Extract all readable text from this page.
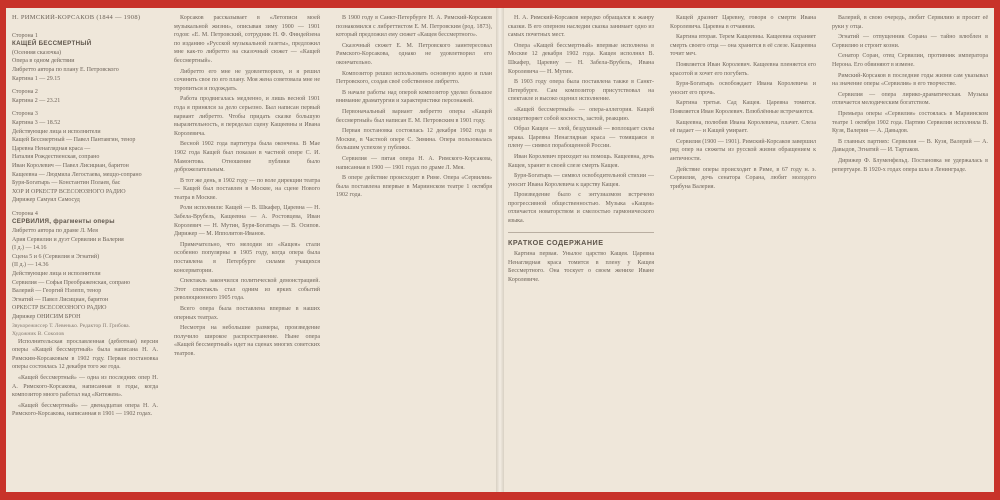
Н. РИМСКИЙ-КОРСАКОВ (1844 — 1908)
Сторона 1
КАЩЕЙ БЕССМЕРТНЫЙ
(Осенняя сказочка)
Опера в одном действии
Либретто автора по плану Е. Петровского
Картина 1 — 29.15
Сторона 2
Картина 2 — 23.21
Сторона 3
Картина 3 — 18.52
Действующие лица и исполнители
Кащей Бессмертный — Павел Пантавгин, тенор
Царевна Ненаглядная краса —
Наталия Рождественская, сопрано
Иван Королевич — Павел Лисициан, баритон
Кащеевна — Людмила Легостаева, меццо-сопрано
Буря-Богатырь — Константин Полаев, бас
ХОР И ОРКЕСТР ВСЕСОЮЗНОГО РАДИО
Дирижер Самуил Самосуд
Сторона 4
СЕРВИЛИЯ, фрагменты оперы
Либретто автора по драме Л. Мея
Ария Сервилии и дуэт Сервилии и Валерия
(I д.) — 14.16
Сцена 5 и 6 (Сервилия и Эгнатий)
(II д.) — 14.36
Действующие лица и исполнители
Сервилия — Софья Преображенская, сопрано
Валерий — Георгий Нэлепп, тенор
Эгнатий — Павел Лисициан, баритон
ОРКЕСТР ВСЕСОЮЗНОГО РАДИО
Дирижер ОНИСИМ БРОН
Звукорежиссер Т. Левенько. Редактор П. Грибова.
Художник В. Соколов

Исполнительская прославленная (дебютная) версия оперы «Кащей бессмертный» была написана Н. А. Римским-Корсаковым в 1902 году. Первая постановка оперы состоялась 12 декабря того же года.

«Кащей бессмертный» — одна из последних опер Н. А. Римского-Корсакова, написанная в годы, когда композитор много работал над «Китежем».

«Кащей бессмертный» — двенадцатая опера Н. А. Римского-Корсакова, написанная в 1901 — 1902 годах.

Корсаков рассказывает в «Летописи моей музыкальной жизни», описывая зиму 1900 — 1901 годов: «Е. М. Петровский, сотрудник Н. Ф. Финдейзена по изданию «Русской музыкальной газеты», предложил мне как-то либретто на сказочный сюжет — «Кащей бессмертный».

Либретто его мне не удовлетворило, и я решил сочинить свое по его плану. Моя жена советовала мне не торопиться и подождать.

Работа продвигалась медленно, и лишь весной 1901 года я принялся за дело серьезно. Был написан первый вариант либретто. Чтобы придать сказке большую выразительность, я переделал сцену Кащеевны и Ивана Королевича.

Весной 1902 года партитура была окончена. В Мае 1902 года Кащей был показан в частной опере С. И. Мамонтова. Отношение публики было доброжелательным.

В тот же день, в 1902 году — по воле дирекции театра — Кащей был поставлен в Москве, на сцене Нового театра в Москве.

Роли исполнили: Кащей — В. Шкафер, Царевна — Н. Забела-Врубель, Кащеевна — А. Ростовцева, Иван Королевич — Н. Мутин, Буря-Богатырь — В. Осипов. Дирижер — М. Ипполитов-Иванов.

Примечательно, что мелодии из «Кащея» стали особенно популярны в 1905 году, когда опера была поставлена в Петербурге силами учащихся консерватории.

Спектакль закончился политической демонстрацией. Этот спектакль стал одним из ярких событий революционного 1905 года.

Всего опера была поставлена впервые в наших оперных театрах.

Несмотря на небольшие размеры, произведение получило широкое распространение. Ныне опера «Кащей бессмертный» идет на сценах многих советских театров.

В 1900 году в Санкт-Петербурге Н. А. Римский-Корсаков познакомился с либреттистом Е. М. Петровским (род. 1873), который предложил ему сюжет «Кащея бессмертного».

Сказочный сюжет Е. М. Петровского заинтересовал Римского-Корсакова, однако не удовлетворил его окончательно.

Композитор решил использовать основную идею и план Петровского, создав своё собственное либретто.

В начале работы над оперой композитор уделял большое внимание драматургии и характеристике персонажей.

Первоначальный вариант либретто оперы «Кащей бессмертный» был написан Е. М. Петровским в 1901 году.

Первая постановка состоялась 12 декабря 1902 года в Москве, в Частной опере С. Зимина. Опера пользовалась большим успехом у публики.

Сервилия — пятая опера Н. А. Римского-Корсакова, написанная в 1900 — 1901 годах по драме Л. Мея.

В опере действие происходит в Риме. Опера «Сервилия» была поставлена впервые в Мариинском театре 1 октября 1902 года.

Н. А. Римский-Корсаков нередко обращался к жанру сказки. В его оперном наследии сказка занимает одно из самых почетных мест.

Опера «Кащей бессмертный» впервые исполнена в Москве 12 декабря 1902 года. Кащея исполнял В. Шкафер, Царевну — Н. Забела-Врубель, Ивана Королевича — Н. Мутин.

В 1903 году опера была поставлена также в Санкт-Петербурге. Сам композитор присутствовал на спектакле и высоко оценил исполнение.

«Кащей бессмертный» — опера-аллегория. Кащей олицетворяет собой косность, застой, реакцию.

Образ Кащея — злой, бездушный — воплощает силы мрака. Царевна Ненаглядная краса — томящаяся в плену — символ порабощенной России.

Иван Королевич приходит на помощь. Кащеевна, дочь Кащея, хранит в своей слезе смерть Кащея.

Буря-Богатырь — символ освободительной стихии — уносит Ивана Королевича к царству Кащея.

Произведение было с энтузиазмом встречено прогрессивной общественностью. Музыка «Кащея» отличается новаторством и смелостью гармонического языка.

КРАТКОЕ СОДЕРЖАНИЕ

Картина первая. Унылое царство Кащея. Царевна Ненаглядная краса томится в плену у Кащея Бессмертного. Она тоскует о своем женихе Иване Королевиче.

Кащей дразнит Царевну, говоря о смерти Ивана Королевича. Царевна в отчаянии.

Картина вторая. Терем Кащеевны. Кащеевна охраняет смерть своего отца — она хранится в её слезе. Кащеевна точит меч.

Появляется Иван Королевич. Кащеевна пленяется его красотой и хочет его погубить.

Буря-Богатырь освобождает Ивана Королевича и уносит его прочь.

Картина третья. Сад Кащея. Царевна томится. Появляется Иван Королевич. Влюблённые встречаются.

Кащеевна, полюбив Ивана Королевича, плачет. Слеза её падает — и Кащей умирает.

Сервилия (1900 — 1901). Римский-Корсаков завершил ряд опер на сюжеты из русской жизни обращением к античности.

Действие оперы происходит в Риме, в 67 году н. э. Сервилия, дочь сенатора Сорана, любит молодого трибуна Валерия.

Валерий, в свою очередь, любит Сервилию и просит её руки у отца.

Эгнатий — отпущенник Сорана — тайно влюблен в Сервилию и строит козни.

Сенатор Соран, отец Сервилии, противник императора Нерона. Его обвиняют в измене.

Римский-Корсаков в последние годы жизни сам указывал на значение оперы «Сервилия» в его творчестве.

Сервилия — опера лирико-драматическая. Музыка отличается мелодическим богатством.

Премьера оперы «Сервилия» состоялась в Мариинском театре 1 октября 1902 года. Партию Сервилии исполняла В. Кузя, Валерия — А. Давыдов.

В главных партиях: Сервилия — В. Кузя, Валерий — А. Давыдов, Эгнатий — И. Тартаков.

Дирижер Ф. Блуменфельд. Постановка не удержалась в репертуаре. В 1920-х годах опера шла в Ленинграде.
